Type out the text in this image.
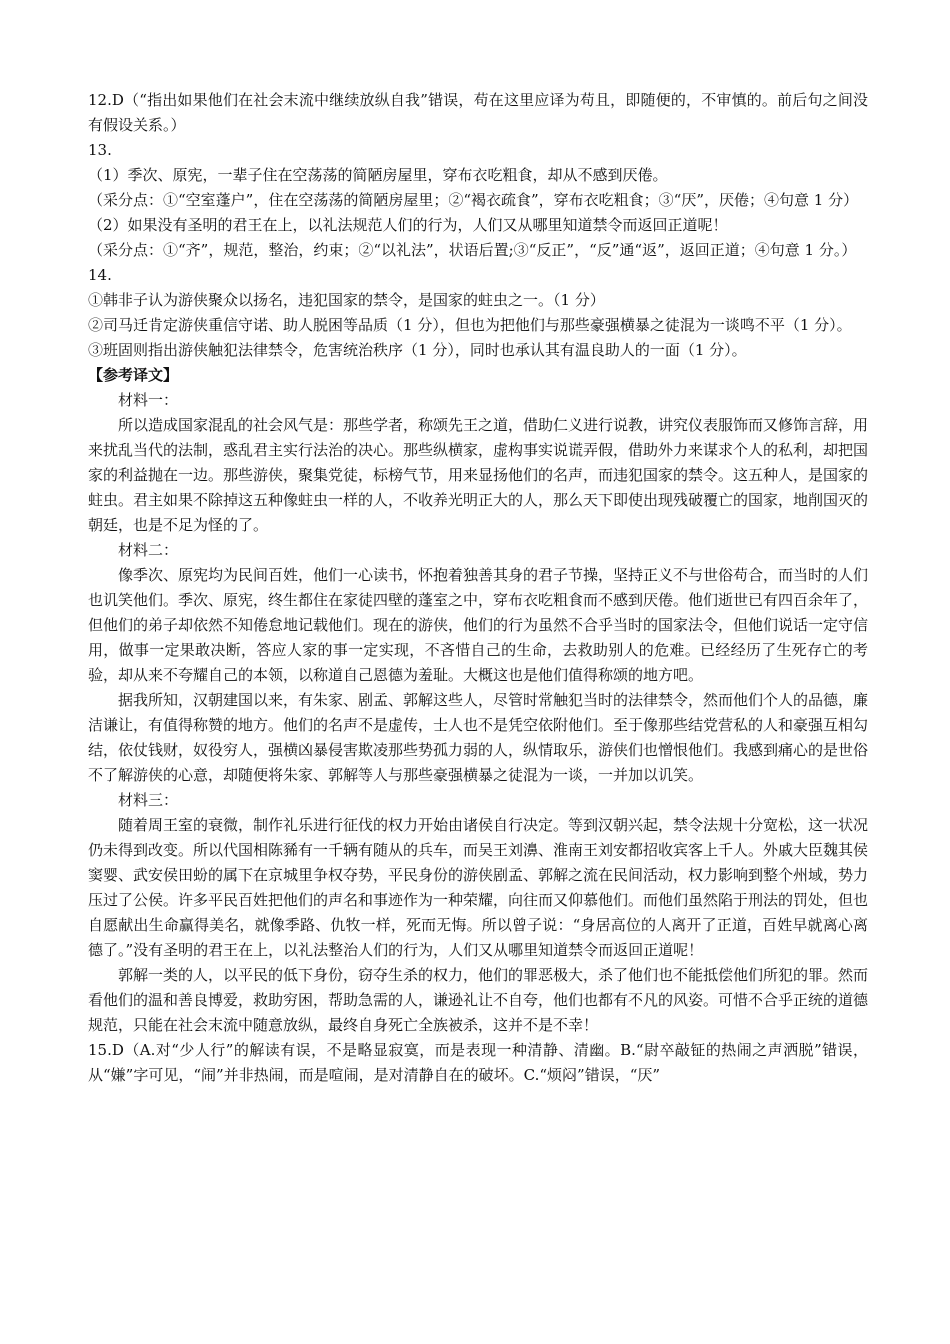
12.D（“指出如果他们在社会末流中继续放纵自我”错误，苟在这里应译为苟且，即随便的，不审慎的。前后句之间没有假设关系。）
13.
（1）季次、原宪，一辈子住在空荡荡的简陋房屋里，穿布衣吃粗食，却从不感到厌倦。
（采分点：①“空室蓬户”，住在空荡荡的简陋房屋里；②“褐衣疏食”，穿布衣吃粗食；③“厌”，厌倦；④句意 1 分）
（2）如果没有圣明的君王在上，以礼法规范人们的行为，人们又从哪里知道禁令而返回正道呢！
（采分点：①“齐”，规范，整治，约束；②“以礼法”，状语后置;③“反正”，“反”通“返”，返回正道；④句意 1 分。）
14.
①韩非子认为游侠聚众以扬名，违犯国家的禁令，是国家的蛀虫之一。（1 分）
②司马迁肯定游侠重信守诺、助人脱困等品质（1 分），但也为把他们与那些豪强横暴之徒混为一谈鸣不平（1 分）。
③班固则指出游侠触犯法律禁令，危害统治秩序（1 分），同时也承认其有温良助人的一面（1 分）。
【参考译文】
材料一：
所以造成国家混乱的社会风气是：那些学者，称颂先王之道，借助仁义进行说教，讲究仪表服饰而又修饰言辞，用来扰乱当代的法制，惑乱君主实行法治的决心。那些纵横家，虚构事实说谎弄假，借助外力来谋求个人的私利，却把国家的利益抛在一边。那些游侠，聚集党徒，标榜气节，用来显扬他们的名声，而违犯国家的禁令。这五种人，是国家的蛀虫。君主如果不除掉这五种像蛀虫一样的人，不收养光明正大的人，那么天下即使出现残破覆亡的国家，地削国灭的朝廷，也是不足为怪的了。
材料二：
像季次、原宪均为民间百姓，他们一心读书，怀抱着独善其身的君子节操，坚持正义不与世俗苟合，而当时的人们也讥笑他们。季次、原宪，终生都住在家徒四壁的蓬室之中，穿布衣吃粗食而不感到厌倦。他们逝世已有四百余年了，但他们的弟子却依然不知倦怠地记载他们。现在的游侠，他们的行为虽然不合乎当时的国家法令，但他们说话一定守信用，做事一定果敢决断，答应人家的事一定实现，不吝惜自己的生命，去救助别人的危难。已经经历了生死存亡的考验，却从来不夸耀自己的本领，以称道自己恩德为羞耻。大概这也是他们值得称颂的地方吧。
据我所知，汉朝建国以来，有朱家、剧孟、郭解这些人，尽管时常触犯当时的法律禁令，然而他们个人的品德，廉洁谦让，有值得称赞的地方。他们的名声不是虚传，士人也不是凭空依附他们。至于像那些结党营私的人和豪强互相勾结，依仗钱财，奴役穷人，强横凶暴侵害欺凌那些势孤力弱的人，纵情取乐，游侠们也憎恨他们。我感到痛心的是世俗不了解游侠的心意，却随便将朱家、郭解等人与那些豪强横暴之徒混为一谈，一并加以讥笑。
材料三：
随着周王室的衰微，制作礼乐进行征伐的权力开始由诸侯自行决定。等到汉朝兴起，禁令法规十分宽松，这一状况仍未得到改变。所以代国相陈豨有一千辆有随从的兵车，而吴王刘濞、淮南王刘安都招收宾客上千人。外戚大臣魏其侯窦婴、武安侯田蚡的属下在京城里争权夺势，平民身份的游侠剧孟、郭解之流在民间活动，权力影响到整个州域，势力压过了公侯。许多平民百姓把他们的声名和事迹作为一种荣耀，向往而又仰慕他们。而他们虽然陷于刑法的罚处，但也自愿献出生命赢得美名，就像季路、仇牧一样，死而无悔。所以曾子说：“身居高位的人离开了正道，百姓早就离心离德了。”没有圣明的君王在上，以礼法整治人们的行为，人们又从哪里知道禁令而返回正道呢！
郭解一类的人，以平民的低下身份，窃夺生杀的权力，他们的罪恶极大，杀了他们也不能抵偿他们所犯的罪。然而看他们的温和善良博爱，救助穷困，帮助急需的人，谦逊礼让不自夸，他们也都有不凡的风姿。可惜不合乎正统的道德规范，只能在社会末流中随意放纵，最终自身死亡全族被杀，这并不是不幸！
15.D（A.对“少人行”的解读有误，不是略显寂寞，而是表现一种清静、清幽。B.“尉卒敲钲的热闹之声洒脱”错误，从“嫌”字可见，“闹”并非热闹，而是喧闹，是对清静自在的破坏。C.“烦闷”错误，“厌”
